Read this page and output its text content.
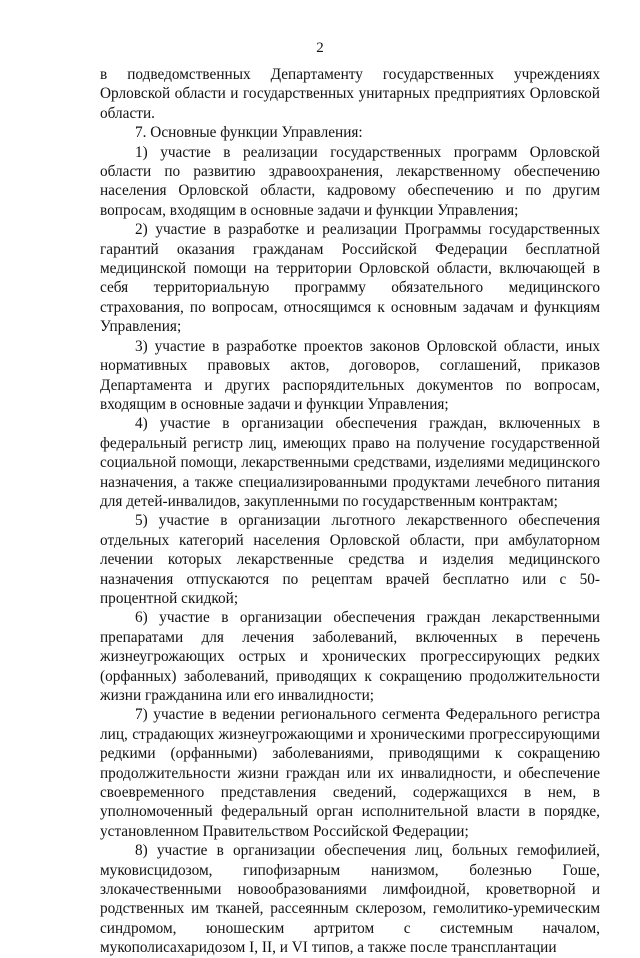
2

в подведомственных Департаменту государственных учреждениях Орловской области и государственных унитарных предприятиях Орловской области.

7. Основные функции Управления:

1) участие в реализации государственных программ Орловской области по развитию здравоохранения, лекарственному обеспечению населения Орловской области, кадровому обеспечению и по другим вопросам, входящим в основные задачи и функции Управления;

2) участие в разработке и реализации Программы государственных гарантий оказания гражданам Российской Федерации бесплатной медицинской помощи на территории Орловской области, включающей в себя территориальную программу обязательного медицинского страхования, по вопросам, относящимся к основным задачам и функциям Управления;

3) участие в разработке проектов законов Орловской области, иных нормативных правовых актов, договоров, соглашений, приказов Департамента и других распорядительных документов по вопросам, входящим в основные задачи и функции Управления;

4) участие в организации обеспечения граждан, включенных в федеральный регистр лиц, имеющих право на получение государственной социальной помощи, лекарственными средствами, изделиями медицинского назначения, а также специализированными продуктами лечебного питания для детей-инвалидов, закупленными по государственным контрактам;

5) участие в организации льготного лекарственного обеспечения отдельных категорий населения Орловской области, при амбулаторном лечении которых лекарственные средства и изделия медицинского назначения отпускаются по рецептам врачей бесплатно или с 50-процентной скидкой;

6) участие в организации обеспечения граждан лекарственными препаратами для лечения заболеваний, включенных в перечень жизнеугрожающих острых и хронических прогрессирующих редких (орфанных) заболеваний, приводящих к сокращению продолжительности жизни гражданина или его инвалидности;

7) участие в ведении регионального сегмента Федерального регистра лиц, страдающих жизнеугрожающими и хроническими прогрессирующими редкими (орфанными) заболеваниями, приводящими к сокращению продолжительности жизни граждан или их инвалидности, и обеспечение своевременного представления сведений, содержащихся в нем, в уполномоченный федеральный орган исполнительной власти в порядке, установленном Правительством Российской Федерации;

8) участие в организации обеспечения лиц, больных гемофилией, муковисцидозом, гипофизарным нанизмом, болезнью Гоше, злокачественными новообразованиями лимфоидной, кроветворной и родственных им тканей, рассеянным склерозом, гемолитико-уремическим синдромом, юношеским артритом с системным началом, мукополисахаридозом I, II, и VI типов, а также после трансплантации
